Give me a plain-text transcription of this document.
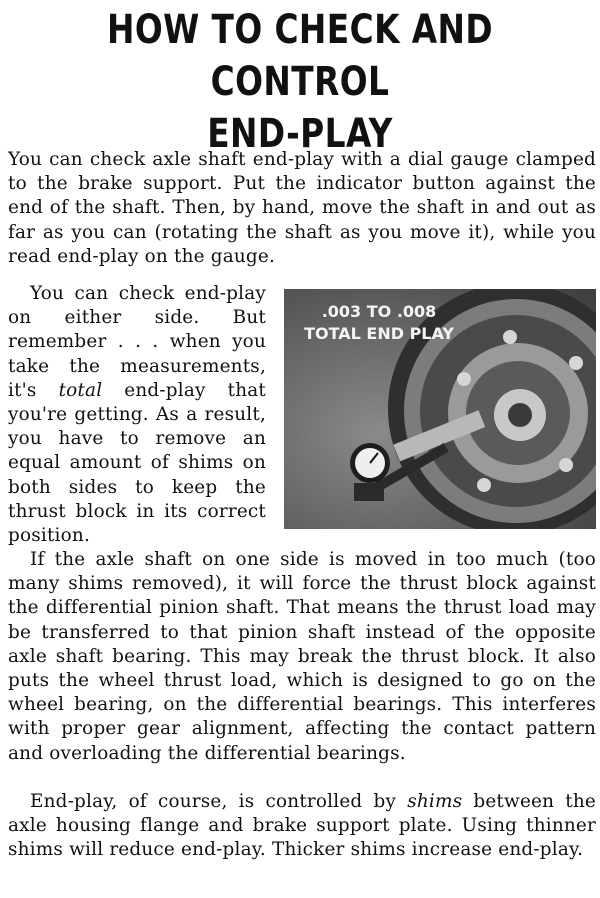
HOW TO CHECK AND CONTROL
END-PLAY

You can check axle shaft end-play with a dial gauge clamped to the brake support. Put the indicator button against the end of the shaft. Then, by hand, move the shaft in and out as far as you can (rotating the shaft as you move it), while you read end-play on the gauge.

You can check end-play on either side. But remember . . . when you take the measurements, it's total end-play that you're getting. As a result, you have to remove an equal amount of shims on both sides to keep the thrust block in its correct position.

.003 TO .008
TOTAL END PLAY

If the axle shaft on one side is moved in too much (too many shims removed), it will force the thrust block against the differential pinion shaft. That means the thrust load may be transferred to that pinion shaft instead of the opposite axle shaft bearing. This may break the thrust block. It also puts the wheel thrust load, which is designed to go on the wheel bearing, on the differential bearings. This interferes with proper gear alignment, affecting the contact pattern and overloading the differential bearings.

End-play, of course, is controlled by shims between the axle housing flange and brake support plate. Using thinner shims will reduce end-play. Thicker shims increase end-play.
